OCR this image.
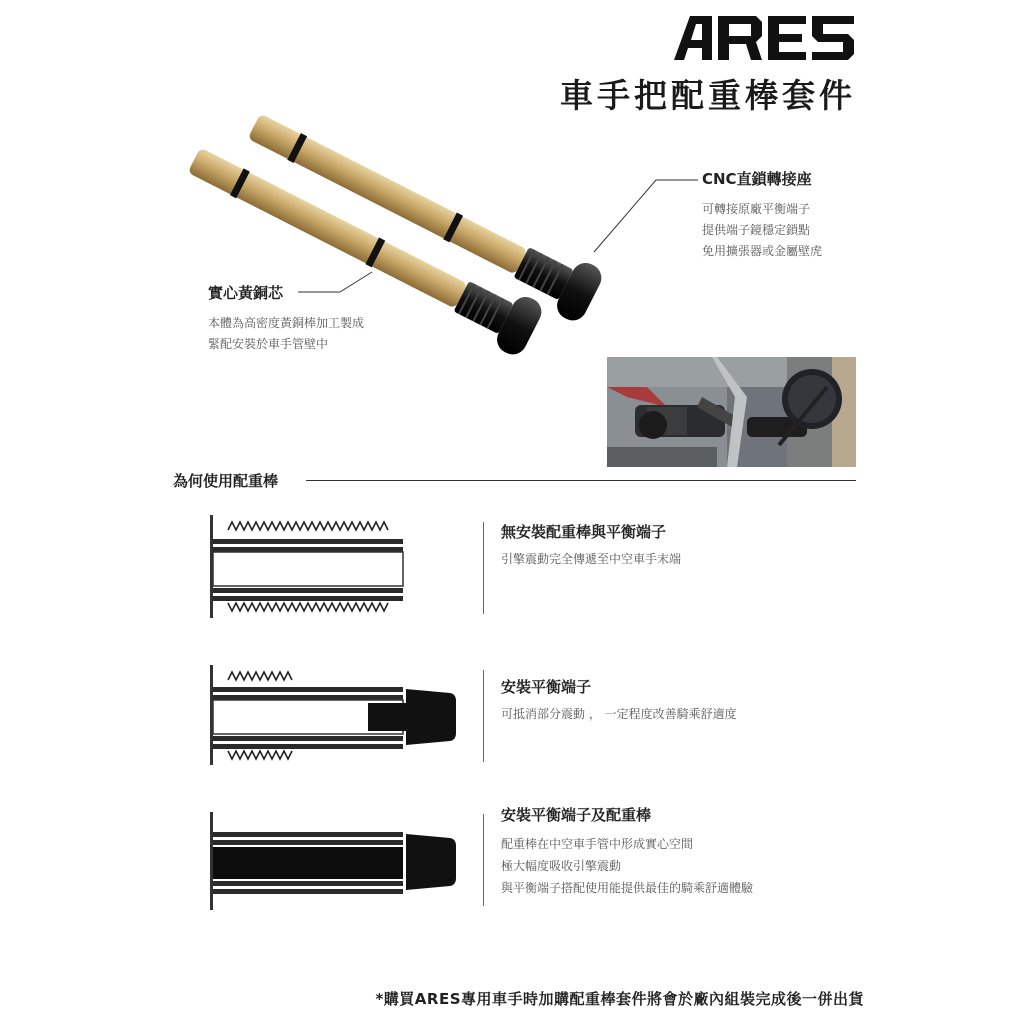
車手把配重棒套件
CNC直鎖轉接座
可轉接原廠平衡端子
提供端子鏡穩定鎖點
免用擴張器或金屬壁虎
實心黃銅芯
本體為高密度黃銅棒加工製成
緊配安裝於車手管壁中
為何使用配重棒
無安裝配重棒與平衡端子
引擎震動完全傳遞至中空車手末端
安裝平衡端子
可抵消部分震動 ， 一定程度改善騎乘舒適度
安裝平衡端子及配重棒
配重棒在中空車手管中形成實心空間
極大幅度吸收引擎震動
與平衡端子搭配使用能提供最佳的騎乘舒適體驗
*購買ARES專用車手時加購配重棒套件將會於廠內組裝完成後一併出貨
